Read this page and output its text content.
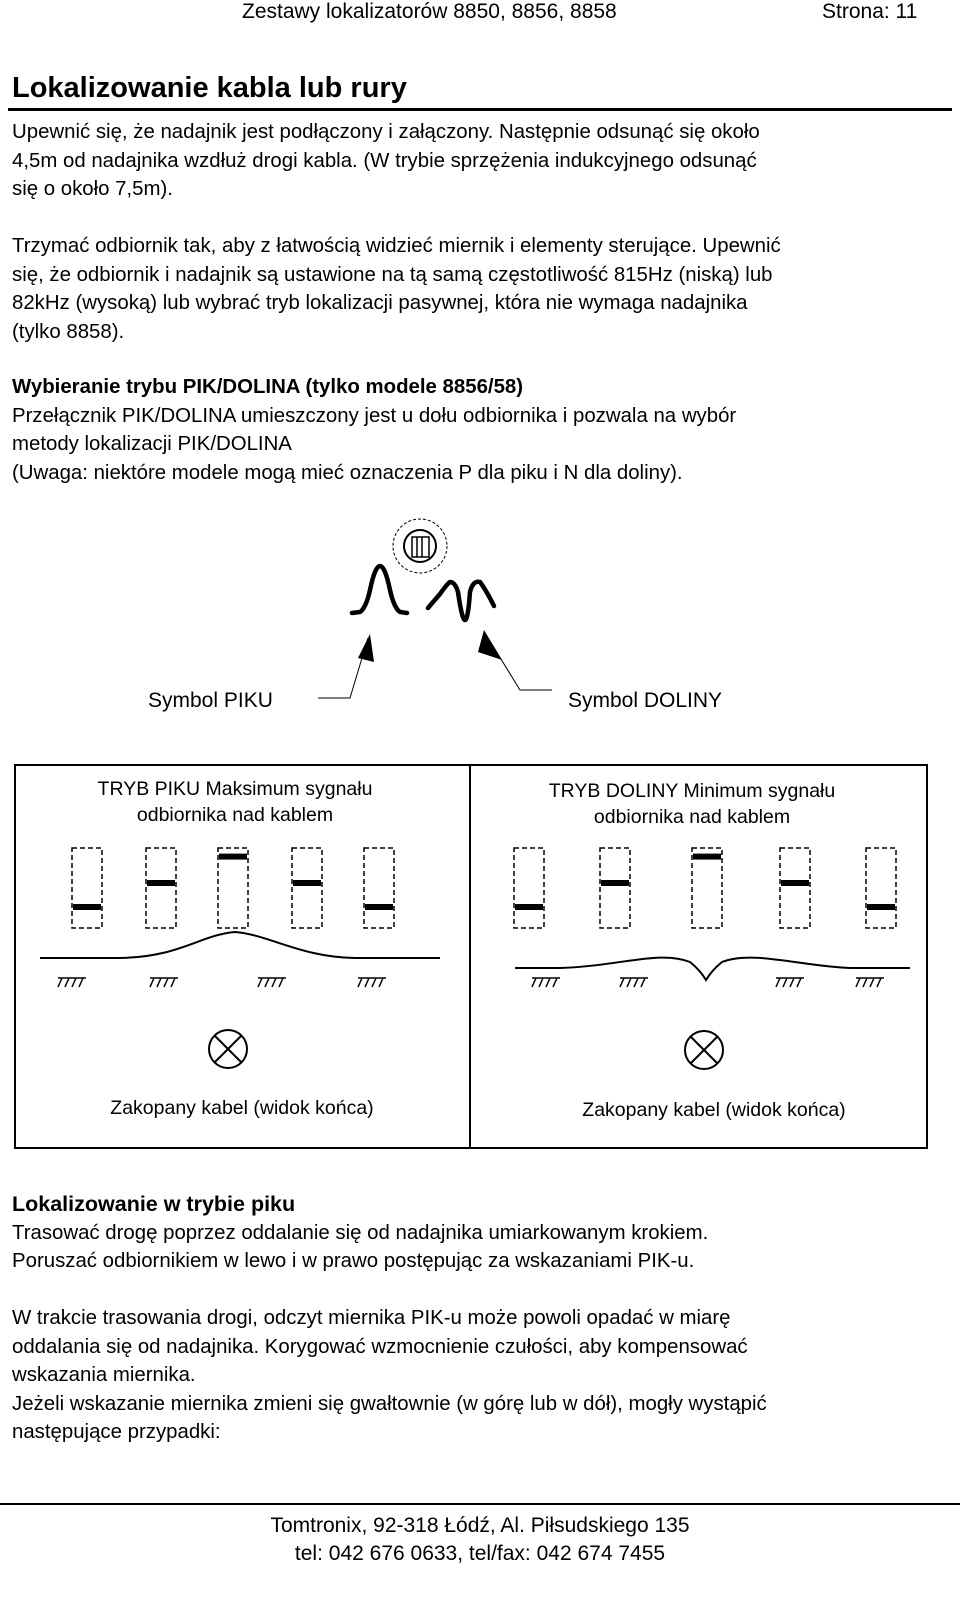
Zestawy lokalizatorów 8850, 8856, 8858	Strona: 11
Lokalizowanie kabla lub rury

Upewnić się, że nadajnik jest podłączony i załączony. Następnie odsunąć się około

4,5m od nadajnika wzdłuż drogi kabla. (W trybie sprzężenia indukcyjnego odsunąć

się o około 7,5m).

Trzymać odbiornik tak, aby z łatwością widzieć miernik i elementy sterujące. Upewnić

się, że odbiornik i nadajnik są ustawione na tą samą częstotliwość 815Hz (niską) lub

82kHz (wysoką) lub wybrać tryb lokalizacji pasywnej, która nie wymaga nadajnika

(tylko 8858).

Wybieranie trybu PIK/DOLINA (tylko modele 8856/58)

Przełącznik PIK/DOLINA umieszczony jest u dołu odbiornika i pozwala na wybór

metody lokalizacji PIK/DOLINA

(Uwaga: niektóre modele mogą mieć oznaczenia P dla piku i N dla doliny).

Symbol PIKU	Symbol DOLINY
TRYB PIKU Maksimum sygnału
odbiornika nad kablem
TRYB DOLINY Minimum sygnału
odbiornika nad kablem
Zakopany kabel (widok końca)	Zakopany kabel (widok końca)

Lokalizowanie w trybie piku

Trasować drogę poprzez oddalanie się od nadajnika umiarkowanym krokiem.

Poruszać odbiornikiem w lewo i w prawo postępując za wskazaniami PIK-u.

W trakcie trasowania drogi, odczyt miernika PIK-u może powoli opadać w miarę

oddalania się od nadajnika. Korygować wzmocnienie czułości, aby kompensować

wskazania miernika.

Jeżeli wskazanie miernika zmieni się gwałtownie (w górę lub w dół), mogły wystąpić

następujące przypadki:

Tomtronix, 92-318 Łódź, Al. Piłsudskiego 135
tel: 042 676 0633, tel/fax: 042 674 7455
